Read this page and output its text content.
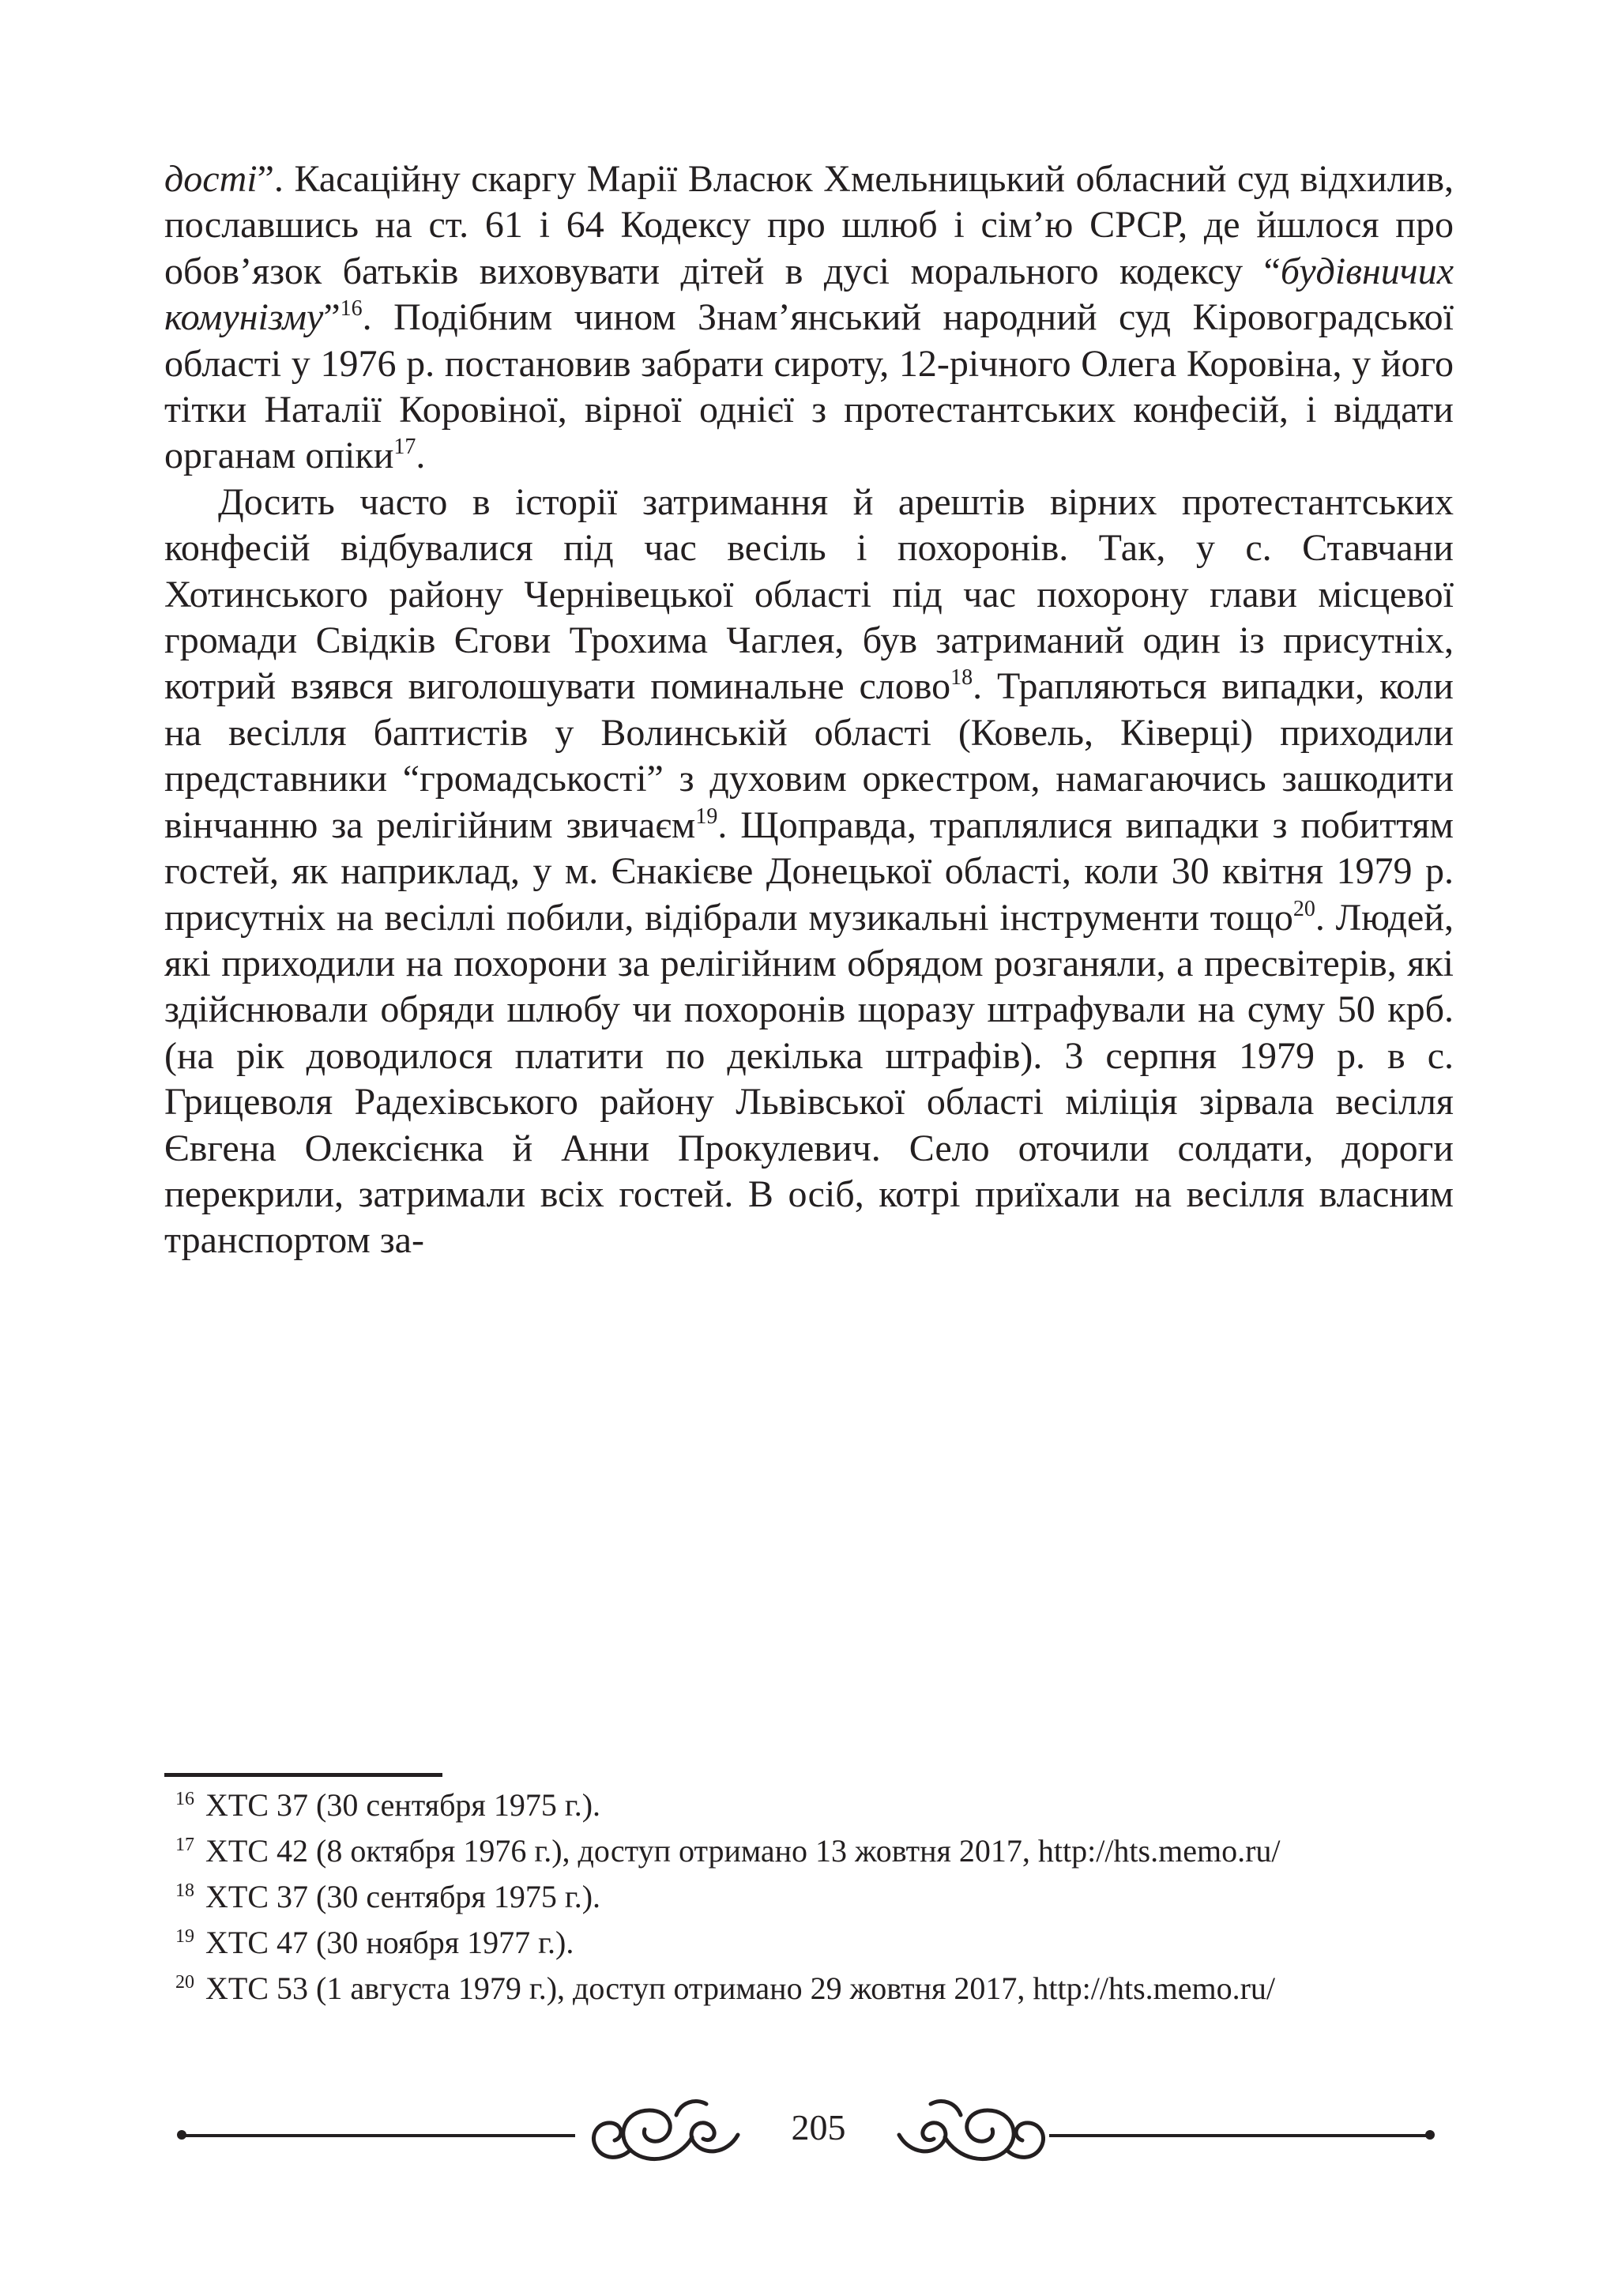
дості”. Касаційну скаргу Марії Власюк Хмельницький обласний суд відхилив, пославшись на ст. 61 і 64 Кодексу про шлюб і сім’ю СРСР, де йшлося про обов’язок батьків виховувати дітей в дусі морального кодексу “будівничих комунізму”$^{16}$. Подібним чином Знам’янський народний суд Кіровоградської області у 1976 р. постановив забрати сироту, 12-річного Олега Коровіна, у його тітки Наталії Коровіної, вірної однієї з протестантських конфесій, і віддати органам опіки$^{17}$.

Досить часто в історії затримання й арештів вірних протестантських конфесій відбувалися під час весіль і похоронів. Так, у с. Ставчани Хотинського району Чернівецької області під час похорону глави місцевої громади Свідків Єгови Трохима Чаглея, був затриманий один із присутніх, котрий взявся виголошувати поминальне слово$^{18}$. Трапляються випадки, коли на весілля баптистів у Волинській області (Ковель, Ківерці) приходили представники “громадськості” з духовим оркестром, намагаючись зашкодити вінчанню за релігійним звичаєм$^{19}$. Щоправда, траплялися випадки з побиттям гостей, як наприклад, у м. Єнакієве Донецької області, коли 30 квітня 1979 р. присутніх на весіллі побили, відібрали музикальні інструменти тощо$^{20}$. Людей, які приходили на похорони за релігійним обрядом розганяли, а пресвітерів, які здійснювали обряди шлюбу чи похоронів щоразу штрафували на суму 50 крб. (на рік доводилося платити по декілька штрафів). 3 серпня 1979 р. в с. Грицеволя Радехівського району Львівської області міліція зірвала весілля Євгена Олексієнка й Анни Прокулевич. Село оточили солдати, дороги перекрили, затримали всіх гостей. В осіб, котрі приїхали на весілля власним транспортом за-

$^{16}$ ХТС 37 (30 сентября 1975 г.).

$^{17}$ ХТС 42 (8 октября 1976 г.), доступ отримано 13 жовтня 2017, http://hts.memo.ru/

$^{18}$ ХТС 37 (30 сентября 1975 г.).

$^{19}$ ХТС 47 (30 ноября 1977 г.).

$^{20}$ ХТС 53 (1 августа 1979 г.), доступ отримано 29 жовтня 2017, http://hts.memo.ru/

205
